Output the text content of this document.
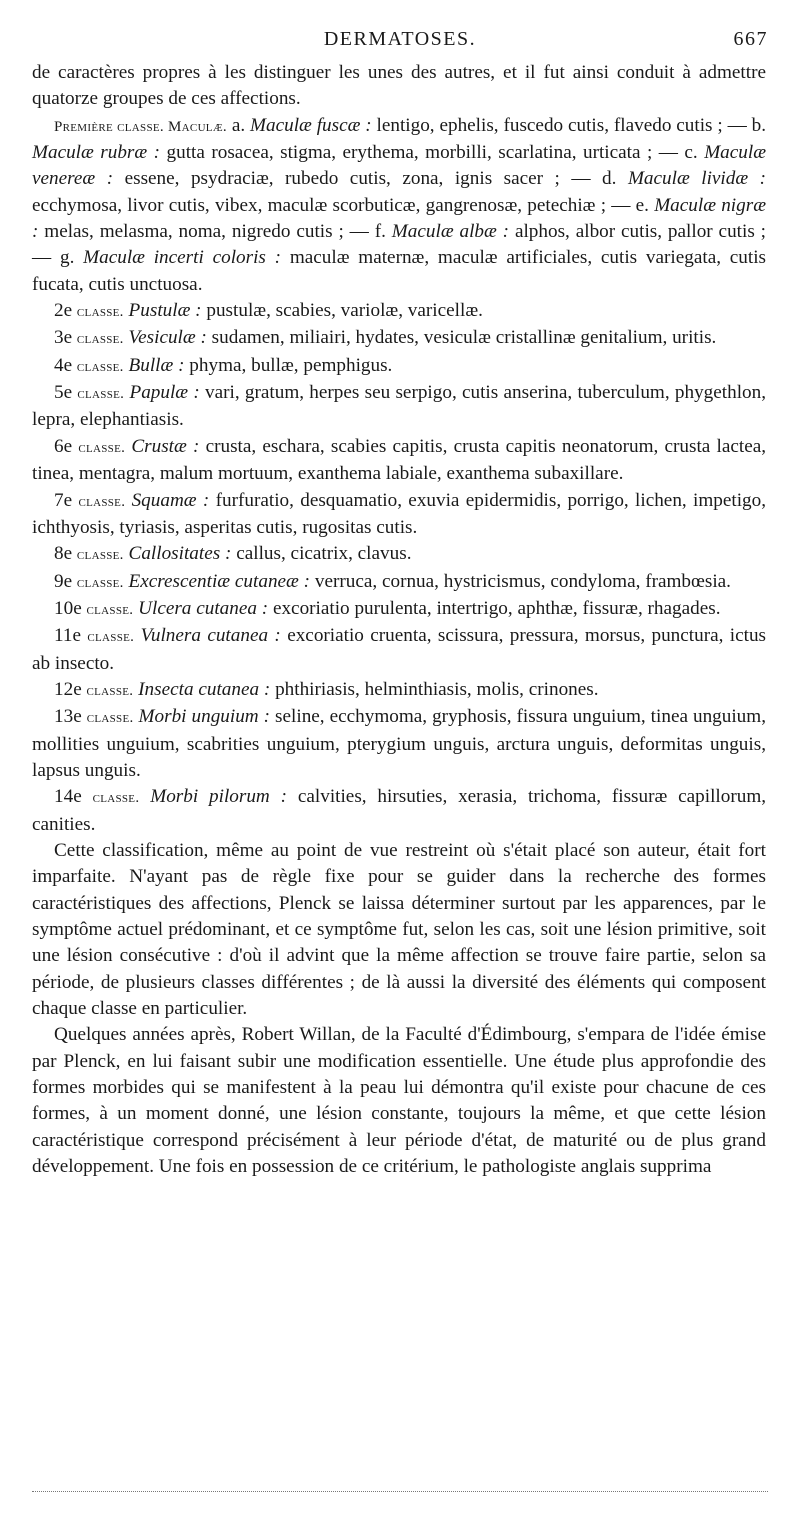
DERMATOSES.	667

de caractères propres à les distinguer les unes des autres, et il fut ainsi conduit à admettre quatorze groupes de ces affections.

Première classe. Maculæ. a. Maculæ fuscæ : lentigo, ephelis, fuscedo cutis, flavedo cutis ; — b. Maculæ rubræ : gutta rosacea, stigma, erythema, morbilli, scarlatina, urticata ; — c. Maculæ venereæ : essene, psydraciæ, rubedo cutis, zona, ignis sacer ; — d. Maculæ lividæ : ecchymosa, livor cutis, vibex, maculæ scorbuticæ, gangrenosæ, petechiæ ; — e. Maculæ nigræ : melas, melasma, noma, nigredo cutis ; — f. Maculæ albæ : alphos, albor cutis, pallor cutis ; — g. Maculæ incerti coloris : maculæ maternæ, maculæ artificiales, cutis variegata, cutis fucata, cutis unctuosa.

2e classe. Pustulæ : pustulæ, scabies, variolæ, varicellæ.

3e classe. Vesiculæ : sudamen, miliairi, hydates, vesiculæ cristallinæ genitalium, uritis.

4e classe. Bullæ : phyma, bullæ, pemphigus.

5e classe. Papulæ : vari, gratum, herpes seu serpigo, cutis anserina, tuberculum, phygethlon, lepra, elephantiasis.

6e classe. Crustæ : crusta, eschara, scabies capitis, crusta capitis neonatorum, crusta lactea, tinea, mentagra, malum mortuum, exanthema labiale, exanthema subaxillare.

7e classe. Squamæ : furfuratio, desquamatio, exuvia epidermidis, porrigo, lichen, impetigo, ichthyosis, tyriasis, asperitas cutis, rugositas cutis.

8e classe. Callositates : callus, cicatrix, clavus.

9e classe. Excrescentiæ cutaneæ : verruca, cornua, hystricismus, condyloma, frambœsia.

10e classe. Ulcera cutanea : excoriatio purulenta, intertrigo, aphthæ, fissuræ, rhagades.

11e classe. Vulnera cutanea : excoriatio cruenta, scissura, pressura, morsus, punctura, ictus ab insecto.

12e classe. Insecta cutanea : phthiriasis, helminthiasis, molis, crinones.

13e classe. Morbi unguium : seline, ecchymoma, gryphosis, fissura unguium, tinea unguium, mollities unguium, scabrities unguium, pterygium unguis, arctura unguis, deformitas unguis, lapsus unguis.

14e classe. Morbi pilorum : calvities, hirsuties, xerasia, trichoma, fissuræ capillorum, canities.

Cette classification, même au point de vue restreint où s'était placé son auteur, était fort imparfaite. N'ayant pas de règle fixe pour se guider dans la recherche des formes caractéristiques des affections, Plenck se laissa déterminer surtout par les apparences, par le symptôme actuel prédominant, et ce symptôme fut, selon les cas, soit une lésion primitive, soit une lésion consécutive : d'où il advint que la même affection se trouve faire partie, selon sa période, de plusieurs classes différentes ; de là aussi la diversité des éléments qui composent chaque classe en particulier.

Quelques années après, Robert Willan, de la Faculté d'Édimbourg, s'empara de l'idée émise par Plenck, en lui faisant subir une modification essentielle. Une étude plus approfondie des formes morbides qui se manifestent à la peau lui démontra qu'il existe pour chacune de ces formes, à un moment donné, une lésion constante, toujours la même, et que cette lésion caractéristique correspond précisément à leur période d'état, de maturité ou de plus grand développement. Une fois en possession de ce critérium, le pathologiste anglais supprima
